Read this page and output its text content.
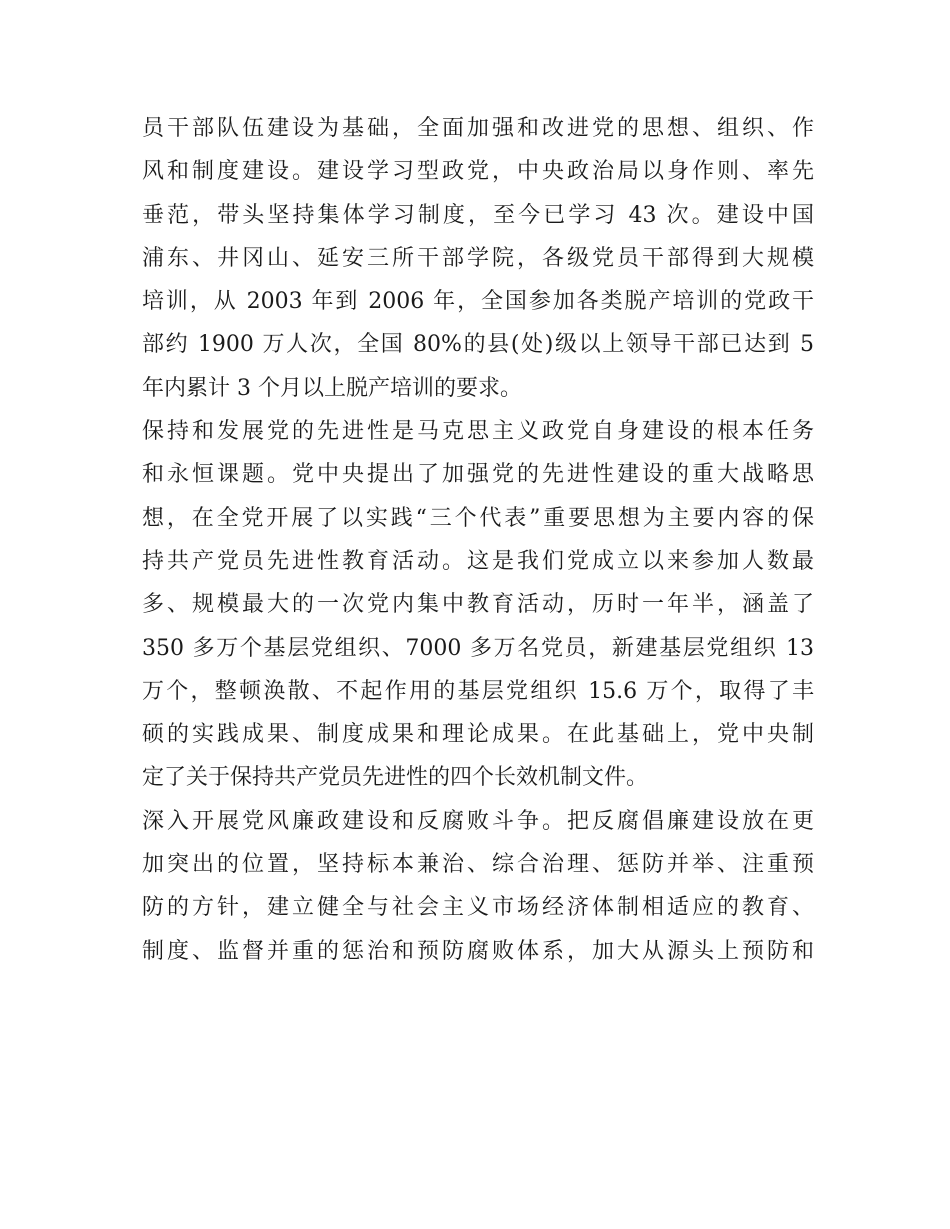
员干部队伍建设为基础，全面加强和改进党的思想、组织、作
风和制度建设。建设学习型政党，中央政治局以身作则、率先
垂范，带头坚持集体学习制度，至今已学习 43 次。建设中国
浦东、井冈山、延安三所干部学院，各级党员干部得到大规模
培训，从 2003 年到 2006 年，全国参加各类脱产培训的党政干
部约 1900 万人次，全国 80%的县(处)级以上领导干部已达到 5
年内累计 3 个月以上脱产培训的要求。
保持和发展党的先进性是马克思主义政党自身建设的根本任务
和永恒课题。党中央提出了加强党的先进性建设的重大战略思
想，在全党开展了以实践“三个代表”重要思想为主要内容的保
持共产党员先进性教育活动。这是我们党成立以来参加人数最
多、规模最大的一次党内集中教育活动，历时一年半，涵盖了
350 多万个基层党组织、7000 多万名党员，新建基层党组织 13
万个，整顿涣散、不起作用的基层党组织 15.6 万个，取得了丰
硕的实践成果、制度成果和理论成果。在此基础上，党中央制
定了关于保持共产党员先进性的四个长效机制文件。
深入开展党风廉政建设和反腐败斗争。把反腐倡廉建设放在更
加突出的位置，坚持标本兼治、综合治理、惩防并举、注重预
防的方针，建立健全与社会主义市场经济体制相适应的教育、
制度、监督并重的惩治和预防腐败体系，加大从源头上预防和
